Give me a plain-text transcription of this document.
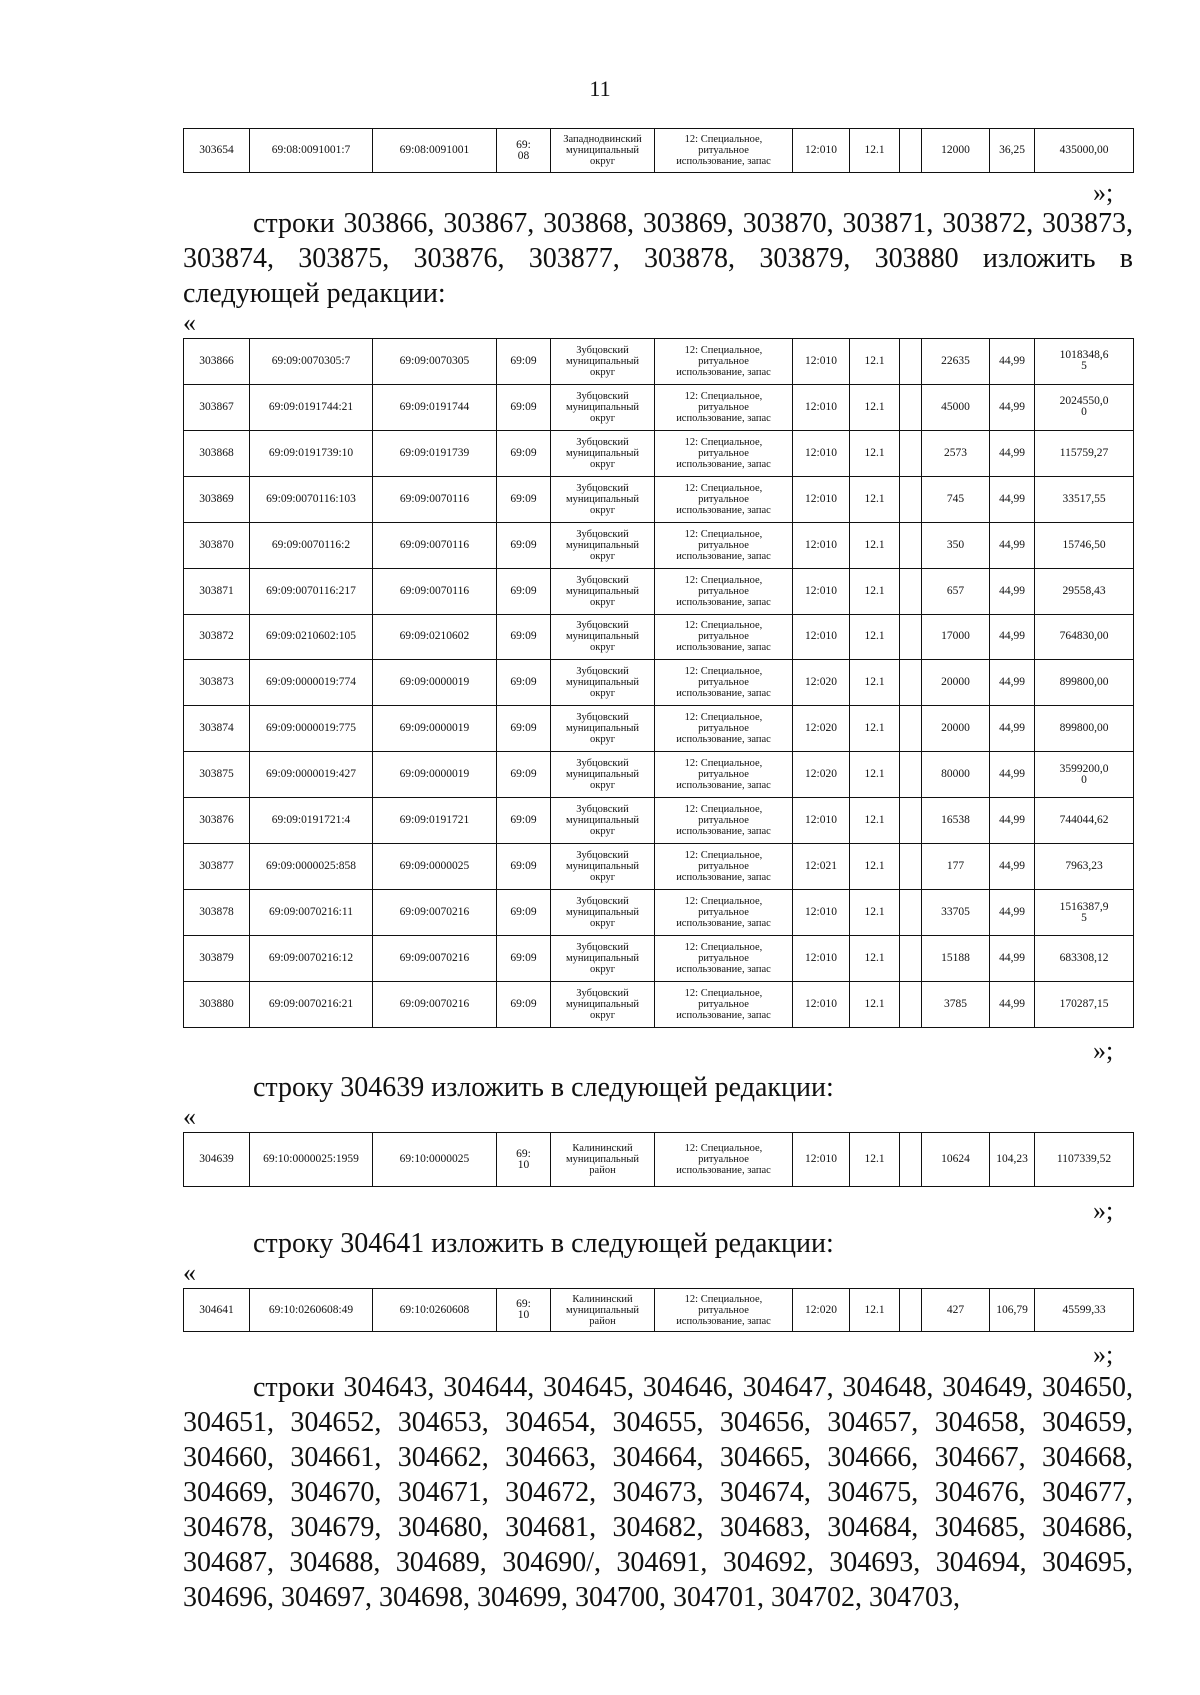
11
303654	69:08:0091001:7	69:08:0091001	69:
08	Западнодвинский
муниципальный
округ	12: Специальное,
ритуальное
использование, запас	12:010	12.1		12000	36,25	435000,00
»;
строки 303866, 303867, 303868, 303869, 303870, 303871, 303872, 303873, 303874, 303875, 303876, 303877, 303878, 303879, 303880 изложить в следующей редакции:
«
303866	69:09:0070305:7	69:09:0070305	69:09	Зубцовский
муниципальный
округ	12: Специальное,
ритуальное
использование, запас	12:010	12.1		22635	44,99	1018348,6
5
303867	69:09:0191744:21	69:09:0191744	69:09	Зубцовский
муниципальный
округ	12: Специальное,
ритуальное
использование, запас	12:010	12.1		45000	44,99	2024550,0
0
303868	69:09:0191739:10	69:09:0191739	69:09	Зубцовский
муниципальный
округ	12: Специальное,
ритуальное
использование, запас	12:010	12.1		2573	44,99	115759,27
303869	69:09:0070116:103	69:09:0070116	69:09	Зубцовский
муниципальный
округ	12: Специальное,
ритуальное
использование, запас	12:010	12.1		745	44,99	33517,55
303870	69:09:0070116:2	69:09:0070116	69:09	Зубцовский
муниципальный
округ	12: Специальное,
ритуальное
использование, запас	12:010	12.1		350	44,99	15746,50
303871	69:09:0070116:217	69:09:0070116	69:09	Зубцовский
муниципальный
округ	12: Специальное,
ритуальное
использование, запас	12:010	12.1		657	44,99	29558,43
303872	69:09:0210602:105	69:09:0210602	69:09	Зубцовский
муниципальный
округ	12: Специальное,
ритуальное
использование, запас	12:010	12.1		17000	44,99	764830,00
303873	69:09:0000019:774	69:09:0000019	69:09	Зубцовский
муниципальный
округ	12: Специальное,
ритуальное
использование, запас	12:020	12.1		20000	44,99	899800,00
303874	69:09:0000019:775	69:09:0000019	69:09	Зубцовский
муниципальный
округ	12: Специальное,
ритуальное
использование, запас	12:020	12.1		20000	44,99	899800,00
303875	69:09:0000019:427	69:09:0000019	69:09	Зубцовский
муниципальный
округ	12: Специальное,
ритуальное
использование, запас	12:020	12.1		80000	44,99	3599200,0
0
303876	69:09:0191721:4	69:09:0191721	69:09	Зубцовский
муниципальный
округ	12: Специальное,
ритуальное
использование, запас	12:010	12.1		16538	44,99	744044,62
303877	69:09:0000025:858	69:09:0000025	69:09	Зубцовский
муниципальный
округ	12: Специальное,
ритуальное
использование, запас	12:021	12.1		177	44,99	7963,23
303878	69:09:0070216:11	69:09:0070216	69:09	Зубцовский
муниципальный
округ	12: Специальное,
ритуальное
использование, запас	12:010	12.1		33705	44,99	1516387,9
5
303879	69:09:0070216:12	69:09:0070216	69:09	Зубцовский
муниципальный
округ	12: Специальное,
ритуальное
использование, запас	12:010	12.1		15188	44,99	683308,12
303880	69:09:0070216:21	69:09:0070216	69:09	Зубцовский
муниципальный
округ	12: Специальное,
ритуальное
использование, запас	12:010	12.1		3785	44,99	170287,15
»;
строку 304639 изложить в следующей редакции:
«
304639	69:10:0000025:1959	69:10:0000025	69:
10	Калининский
муниципальный
район	12: Специальное,
ритуальное
использование, запас	12:010	12.1		10624	104,23	1107339,52
»;
строку 304641 изложить в следующей редакции:
«
304641	69:10:0260608:49	69:10:0260608	69:
10	Калининский
муниципальный
район	12: Специальное,
ритуальное
использование, запас	12:020	12.1		427	106,79	45599,33
»;
строки 304643, 304644, 304645, 304646, 304647, 304648, 304649, 304650, 304651, 304652, 304653, 304654, 304655, 304656, 304657, 304658, 304659, 304660, 304661, 304662, 304663, 304664, 304665, 304666, 304667, 304668, 304669, 304670, 304671, 304672, 304673, 304674, 304675, 304676, 304677, 304678, 304679, 304680, 304681, 304682, 304683, 304684, 304685, 304686, 304687, 304688, 304689, 304690/, 304691, 304692, 304693, 304694, 304695, 304696, 304697, 304698, 304699, 304700, 304701, 304702, 304703,
